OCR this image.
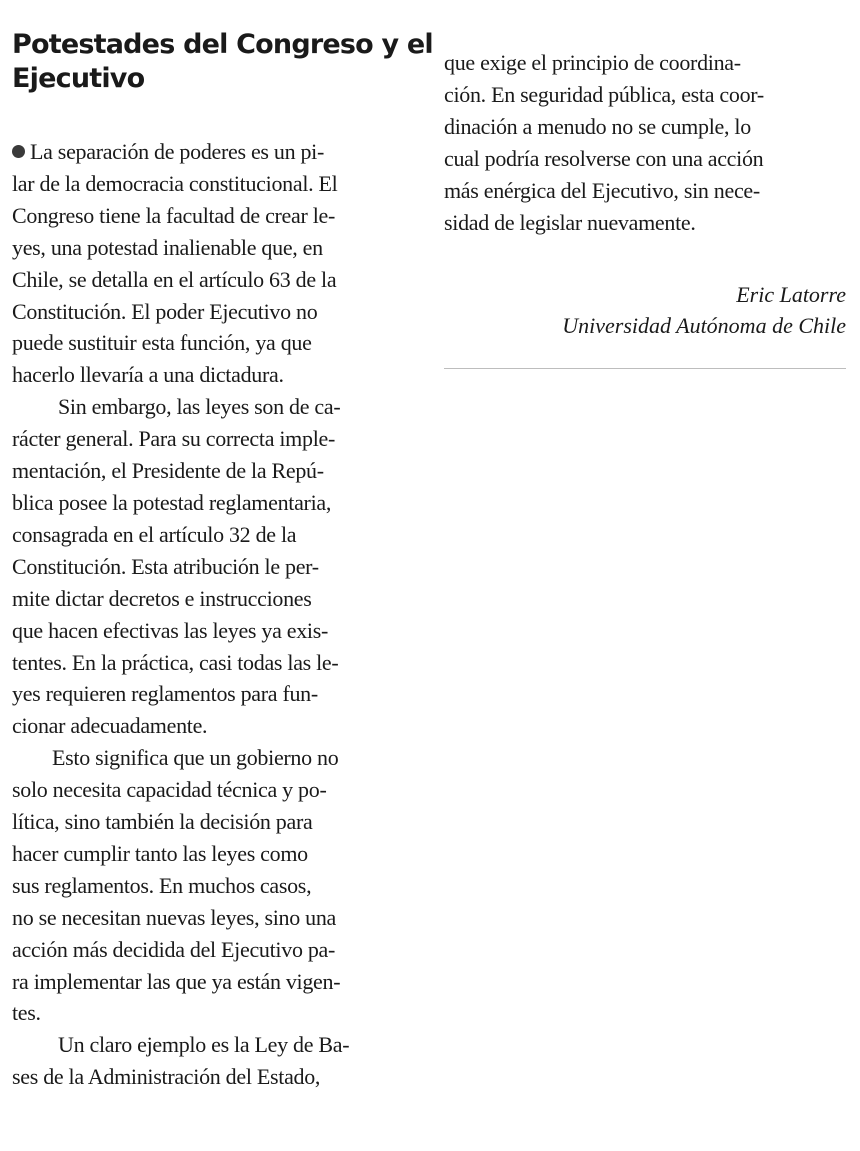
Potestades del Congreso y el
Ejecutivo
La separación de poderes es un pi-
lar de la democracia constitucional. El
Congreso tiene la facultad de crear le-
yes, una potestad inalienable que, en
Chile, se detalla en el artículo 63 de la
Constitución. El poder Ejecutivo no
puede sustituir esta función, ya que
hacerlo llevaría a una dictadura.
Sin embargo, las leyes son de ca-
rácter general. Para su correcta imple-
mentación, el Presidente de la Repú-
blica posee la potestad reglamentaria,
consagrada en el artículo 32 de la
Constitución. Esta atribución le per-
mite dictar decretos e instrucciones
que hacen efectivas las leyes ya exis-
tentes. En la práctica, casi todas las le-
yes requieren reglamentos para fun-
cionar adecuadamente.
Esto significa que un gobierno no
solo necesita capacidad técnica y po-
lítica, sino también la decisión para
hacer cumplir tanto las leyes como
sus reglamentos. En muchos casos,
no se necesitan nuevas leyes, sino una
acción más decidida del Ejecutivo pa-
ra implementar las que ya están vigen-
tes.
Un claro ejemplo es la Ley de Ba-
ses de la Administración del Estado,
que exige el principio de coordina-
ción. En seguridad pública, esta coor-
dinación a menudo no se cumple, lo
cual podría resolverse con una acción
más enérgica del Ejecutivo, sin nece-
sidad de legislar nuevamente.
Eric Latorre
Universidad Autónoma de Chile
